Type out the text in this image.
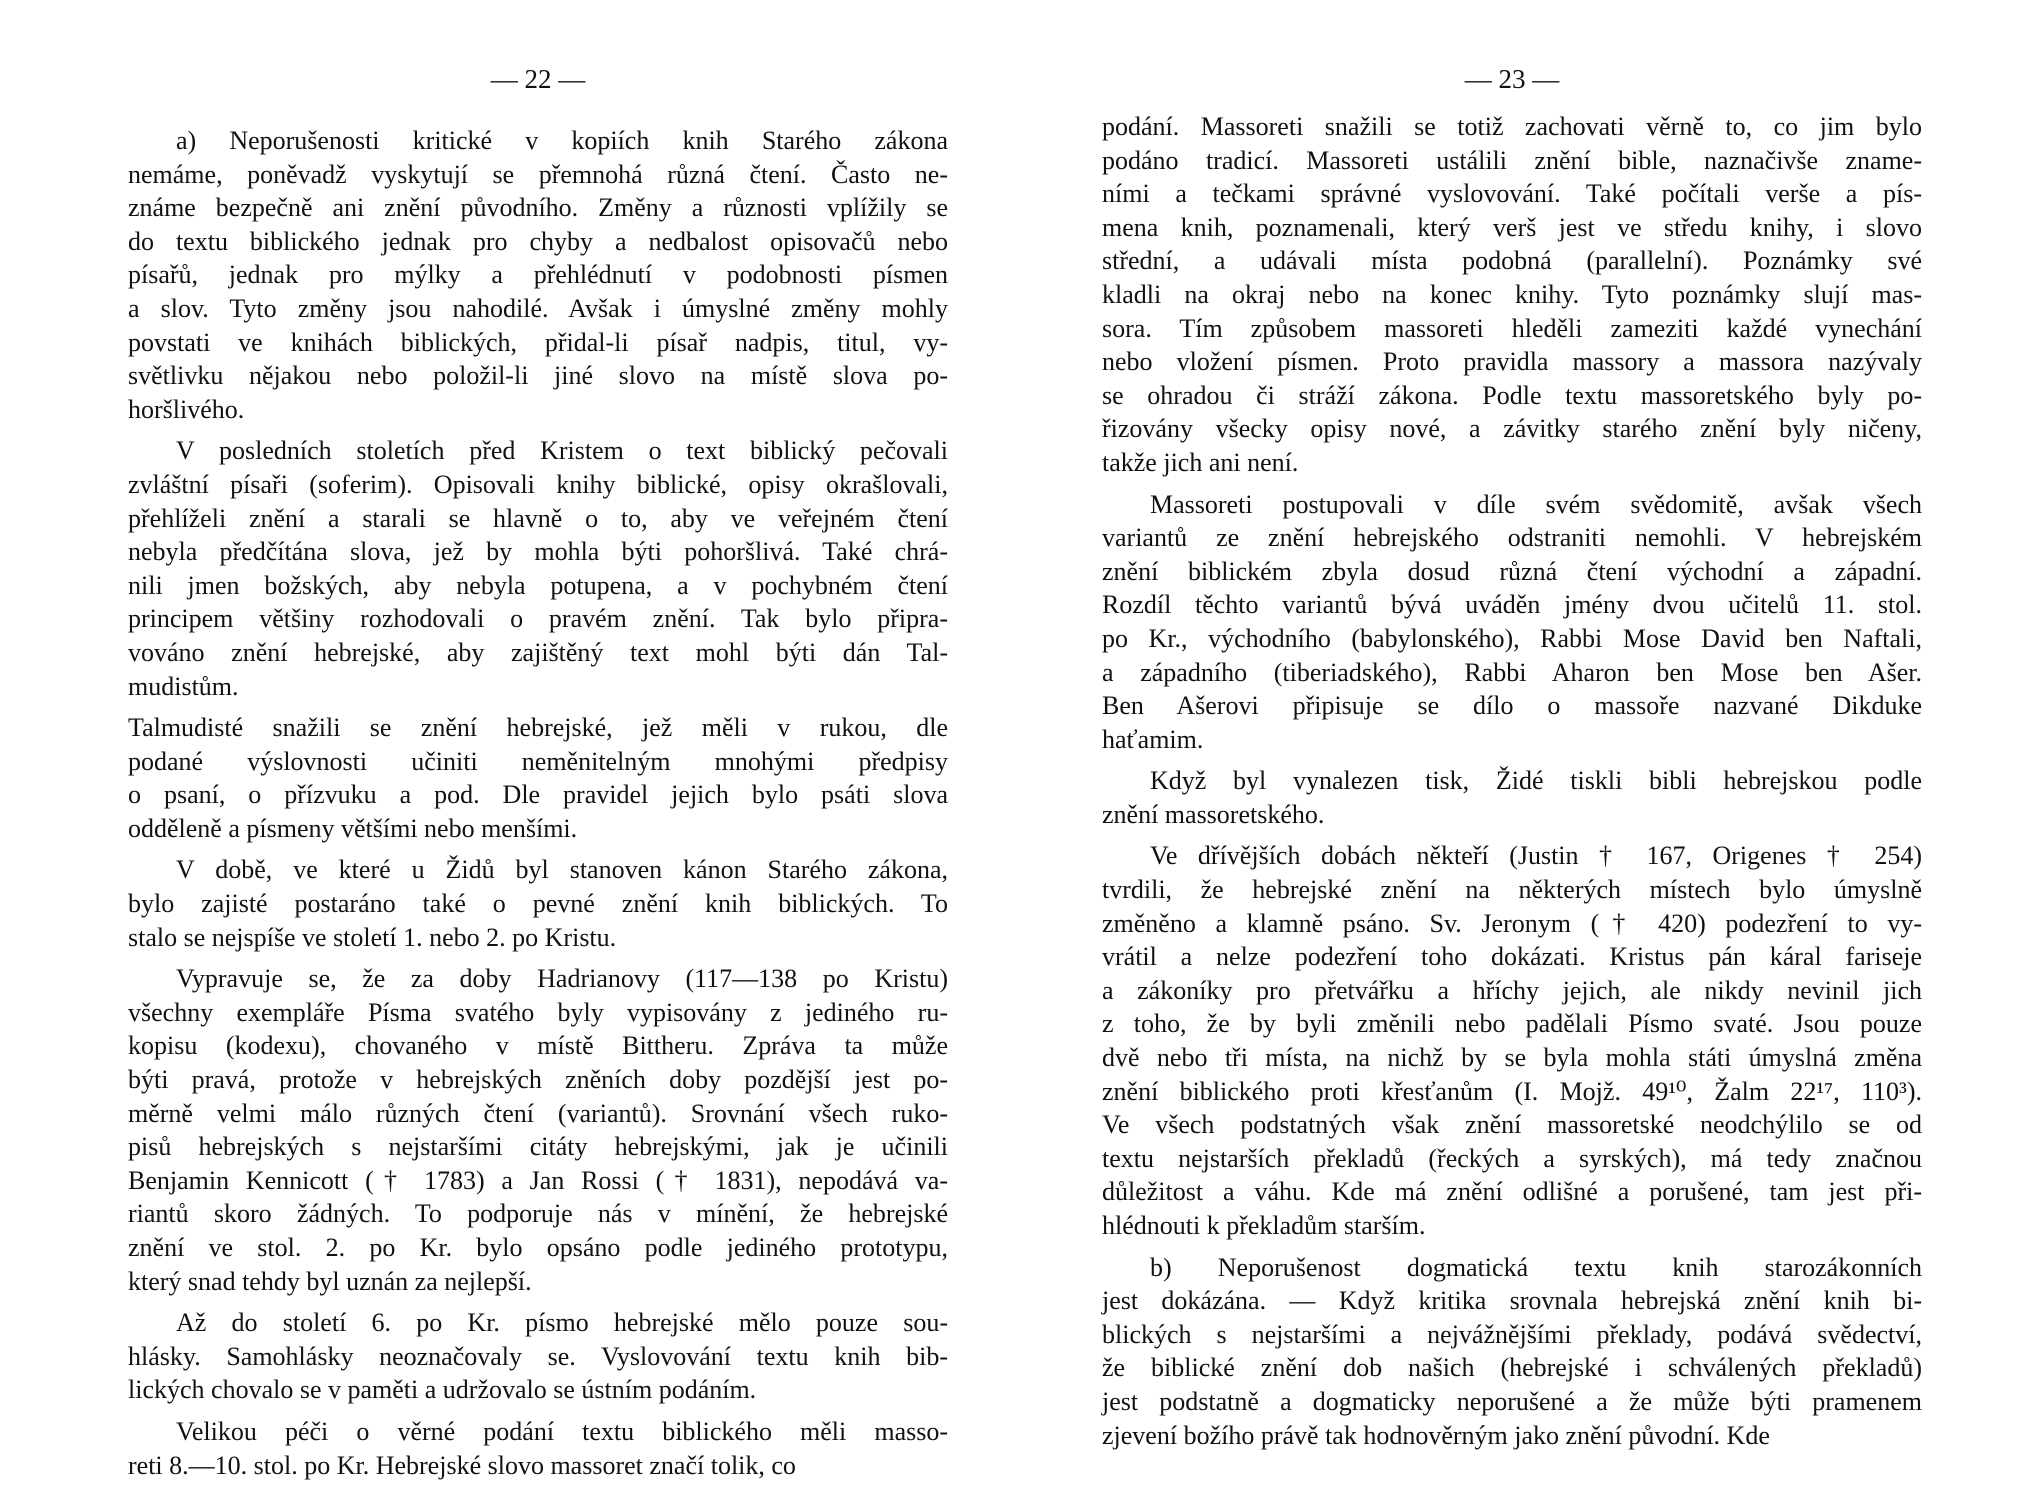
— 22 —
a) Neporušenosti kritické v kopiích knih Starého zákona
nemáme, poněvadž vyskytují se přemnohá různá čtení. Často ne-
známe bezpečně ani znění původního. Změny a různosti vplížily se
do textu biblického jednak pro chyby a nedbalost opisovačů nebo
písařů, jednak pro mýlky a přehlédnutí v podobnosti písmen
a slov. Tyto změny jsou nahodilé. Avšak i úmyslné změny mohly
povstati ve knihách biblických, přidal-li písař nadpis, titul, vy-
světlivku nějakou nebo položil-li jiné slovo na místě slova po-
horšlivého.
V posledních stoletích před Kristem o text biblický pečovali
zvláštní písaři (soferim). Opisovali knihy biblické, opisy okrašlovali,
přehlíželi znění a starali se hlavně o to, aby ve veřejném čtení
nebyla předčítána slova, jež by mohla býti pohoršlivá. Také chrá-
nili jmen božských, aby nebyla potupena, a v pochybném čtení
principem většiny rozhodovali o pravém znění. Tak bylo připra-
vováno znění hebrejské, aby zajištěný text mohl býti dán Tal-
mudistům.
Talmudisté snažili se znění hebrejské, jež měli v rukou, dle
podané výslovnosti učiniti neměnitelným mnohými předpisy
o psaní, o přízvuku a pod. Dle pravidel jejich bylo psáti slova
odděleně a písmeny většími nebo menšími.
V době, ve které u Židů byl stanoven kánon Starého zákona,
bylo zajisté postaráno také o pevné znění knih biblických. To
stalo se nejspíše ve století 1. nebo 2. po Kristu.
Vypravuje se, že za doby Hadrianovy (117—138 po Kristu)
všechny exempláře Písma svatého byly vypisovány z jediného ru-
kopisu (kodexu), chovaného v místě Bittheru. Zpráva ta může
býti pravá, protože v hebrejských zněních doby pozdější jest po-
měrně velmi málo různých čtení (variantů). Srovnání všech ruko-
pisů hebrejských s nejstaršími citáty hebrejskými, jak je učinili
Benjamin Kennicott († 1783) a Jan Rossi († 1831), nepodává va-
riantů skoro žádných. To podporuje nás v mínění, že hebrejské
znění ve stol. 2. po Kr. bylo opsáno podle jediného prototypu,
který snad tehdy byl uznán za nejlepší.
Až do století 6. po Kr. písmo hebrejské mělo pouze sou-
hlásky. Samohlásky neoznačovaly se. Vyslovování textu knih bib-
lických chovalo se v paměti a udržovalo se ústním podáním.
Velikou péči o věrné podání textu biblického měli masso-
reti 8.—10. stol. po Kr. Hebrejské slovo massoret značí tolik, co
— 23 —
podání. Massoreti snažili se totiž zachovati věrně to, co jim bylo
podáno tradicí. Massoreti ustálili znění bible, naznačivše zname-
ními a tečkami správné vyslovování. Také počítali verše a pís-
mena knih, poznamenali, který verš jest ve středu knihy, i slovo
střední, a udávali místa podobná (parallelní). Poznámky své
kladli na okraj nebo na konec knihy. Tyto poznámky slují mas-
sora. Tím způsobem massoreti hleděli zameziti každé vynechání
nebo vložení písmen. Proto pravidla massory a massora nazývaly
se ohradou či stráží zákona. Podle textu massoretského byly po-
řizovány všecky opisy nové, a závitky starého znění byly ničeny,
takže jich ani není.
Massoreti postupovali v díle svém svědomitě, avšak všech
variantů ze znění hebrejského odstraniti nemohli. V hebrejském
znění biblickém zbyla dosud různá čtení východní a západní.
Rozdíl těchto variantů bývá uváděn jmény dvou učitelů 11. stol.
po Kr., východního (babylonského), Rabbi Mose David ben Naftali,
a západního (tiberiadského), Rabbi Aharon ben Mose ben Ašer.
Ben Ašerovi připisuje se dílo o massoře nazvané Dikduke
haťamim.
Když byl vynalezen tisk, Židé tiskli bibli hebrejskou podle
znění massoretského.
Ve dřívějších dobách někteří (Justin † 167, Origenes † 254)
tvrdili, že hebrejské znění na některých místech bylo úmyslně
změněno a klamně psáno. Sv. Jeronym († 420) podezření to vy-
vrátil a nelze podezření toho dokázati. Kristus pán káral fariseje
a zákoníky pro přetvářku a hříchy jejich, ale nikdy nevinil jich
z toho, že by byli změnili nebo padělali Písmo svaté. Jsou pouze
dvě nebo tři místa, na nichž by se byla mohla státi úmyslná změna
znění biblického proti křesťanům (I. Mojž. 49¹⁰, Žalm 22¹⁷, 110³).
Ve všech podstatných však znění massoretské neodchýlilo se od
textu nejstarších překladů (řeckých a syrských), má tedy značnou
důležitost a váhu. Kde má znění odlišné a porušené, tam jest při-
hlédnouti k překladům starším.
b) Neporušenost dogmatická textu knih starozákonních
jest dokázána. — Když kritika srovnala hebrejská znění knih bi-
blických s nejstaršími a nejvážnějšími překlady, podává svědectví,
že biblické znění dob našich (hebrejské i schválených překladů)
jest podstatně a dogmaticky neporušené a že může býti pramenem
zjevení božího právě tak hodnověrným jako znění původní. Kde
